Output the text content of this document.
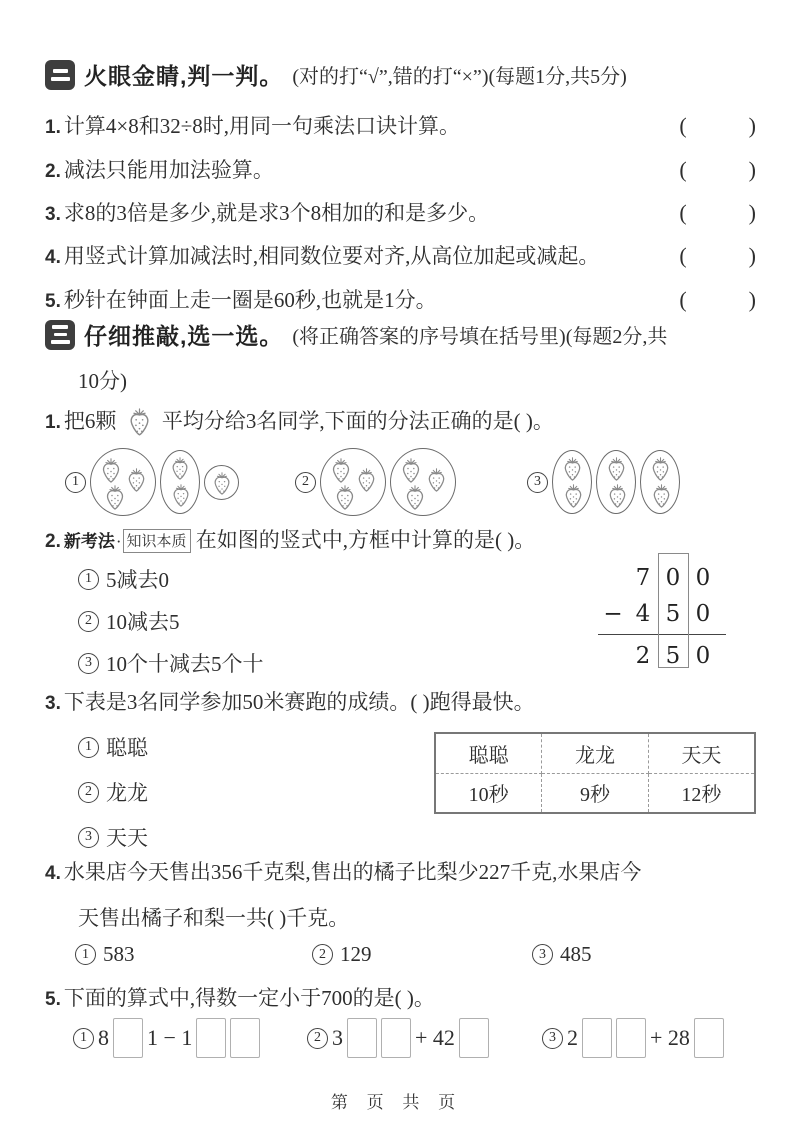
火眼金睛,判一判。 (对的打“√”,错的打“×”)(每题1分,共5分)
1. 计算4×8和32÷8时,用同一句乘法口诀计算。	(        )
2. 减法只能用加法验算。	(        )
3. 求8的3倍是多少,就是求3个8相加的和是多少。	(        )
4. 用竖式计算加减法时,相同数位要对齐,从高位加起或减起。	(        )
5. 秒针在钟面上走一圈是60秒,也就是1分。	(        )
仔细推敲,选一选。 (将正确答案的序号填在括号里)(每题2分,共
10分)
1. 把6颗 平均分给3名同学,下面的分法正确的是( )。
1	2	3
2. 新考法· 知识本质 在如图的竖式中,方框中计算的是( )。
1 5减去0
2 10减去5
3 10个十减去5个十
7 0 0
− 4 5 0
2 5 0
3. 下表是3名同学参加50米赛跑的成绩。( )跑得最快。
1 聪聪
2 龙龙
3 天天
聪聪	龙龙	天天
10秒	9秒	12秒
4. 水果店今天售出356千克梨,售出的橘子比梨少227千克,水果店今
天售出橘子和梨一共( )千克。
1 583	2 129	3 485
5. 下面的算式中,得数一定小于700的是( )。
1 8 1 − 1	2 3	+ 42	3 2	+ 28
第 页 共 页
